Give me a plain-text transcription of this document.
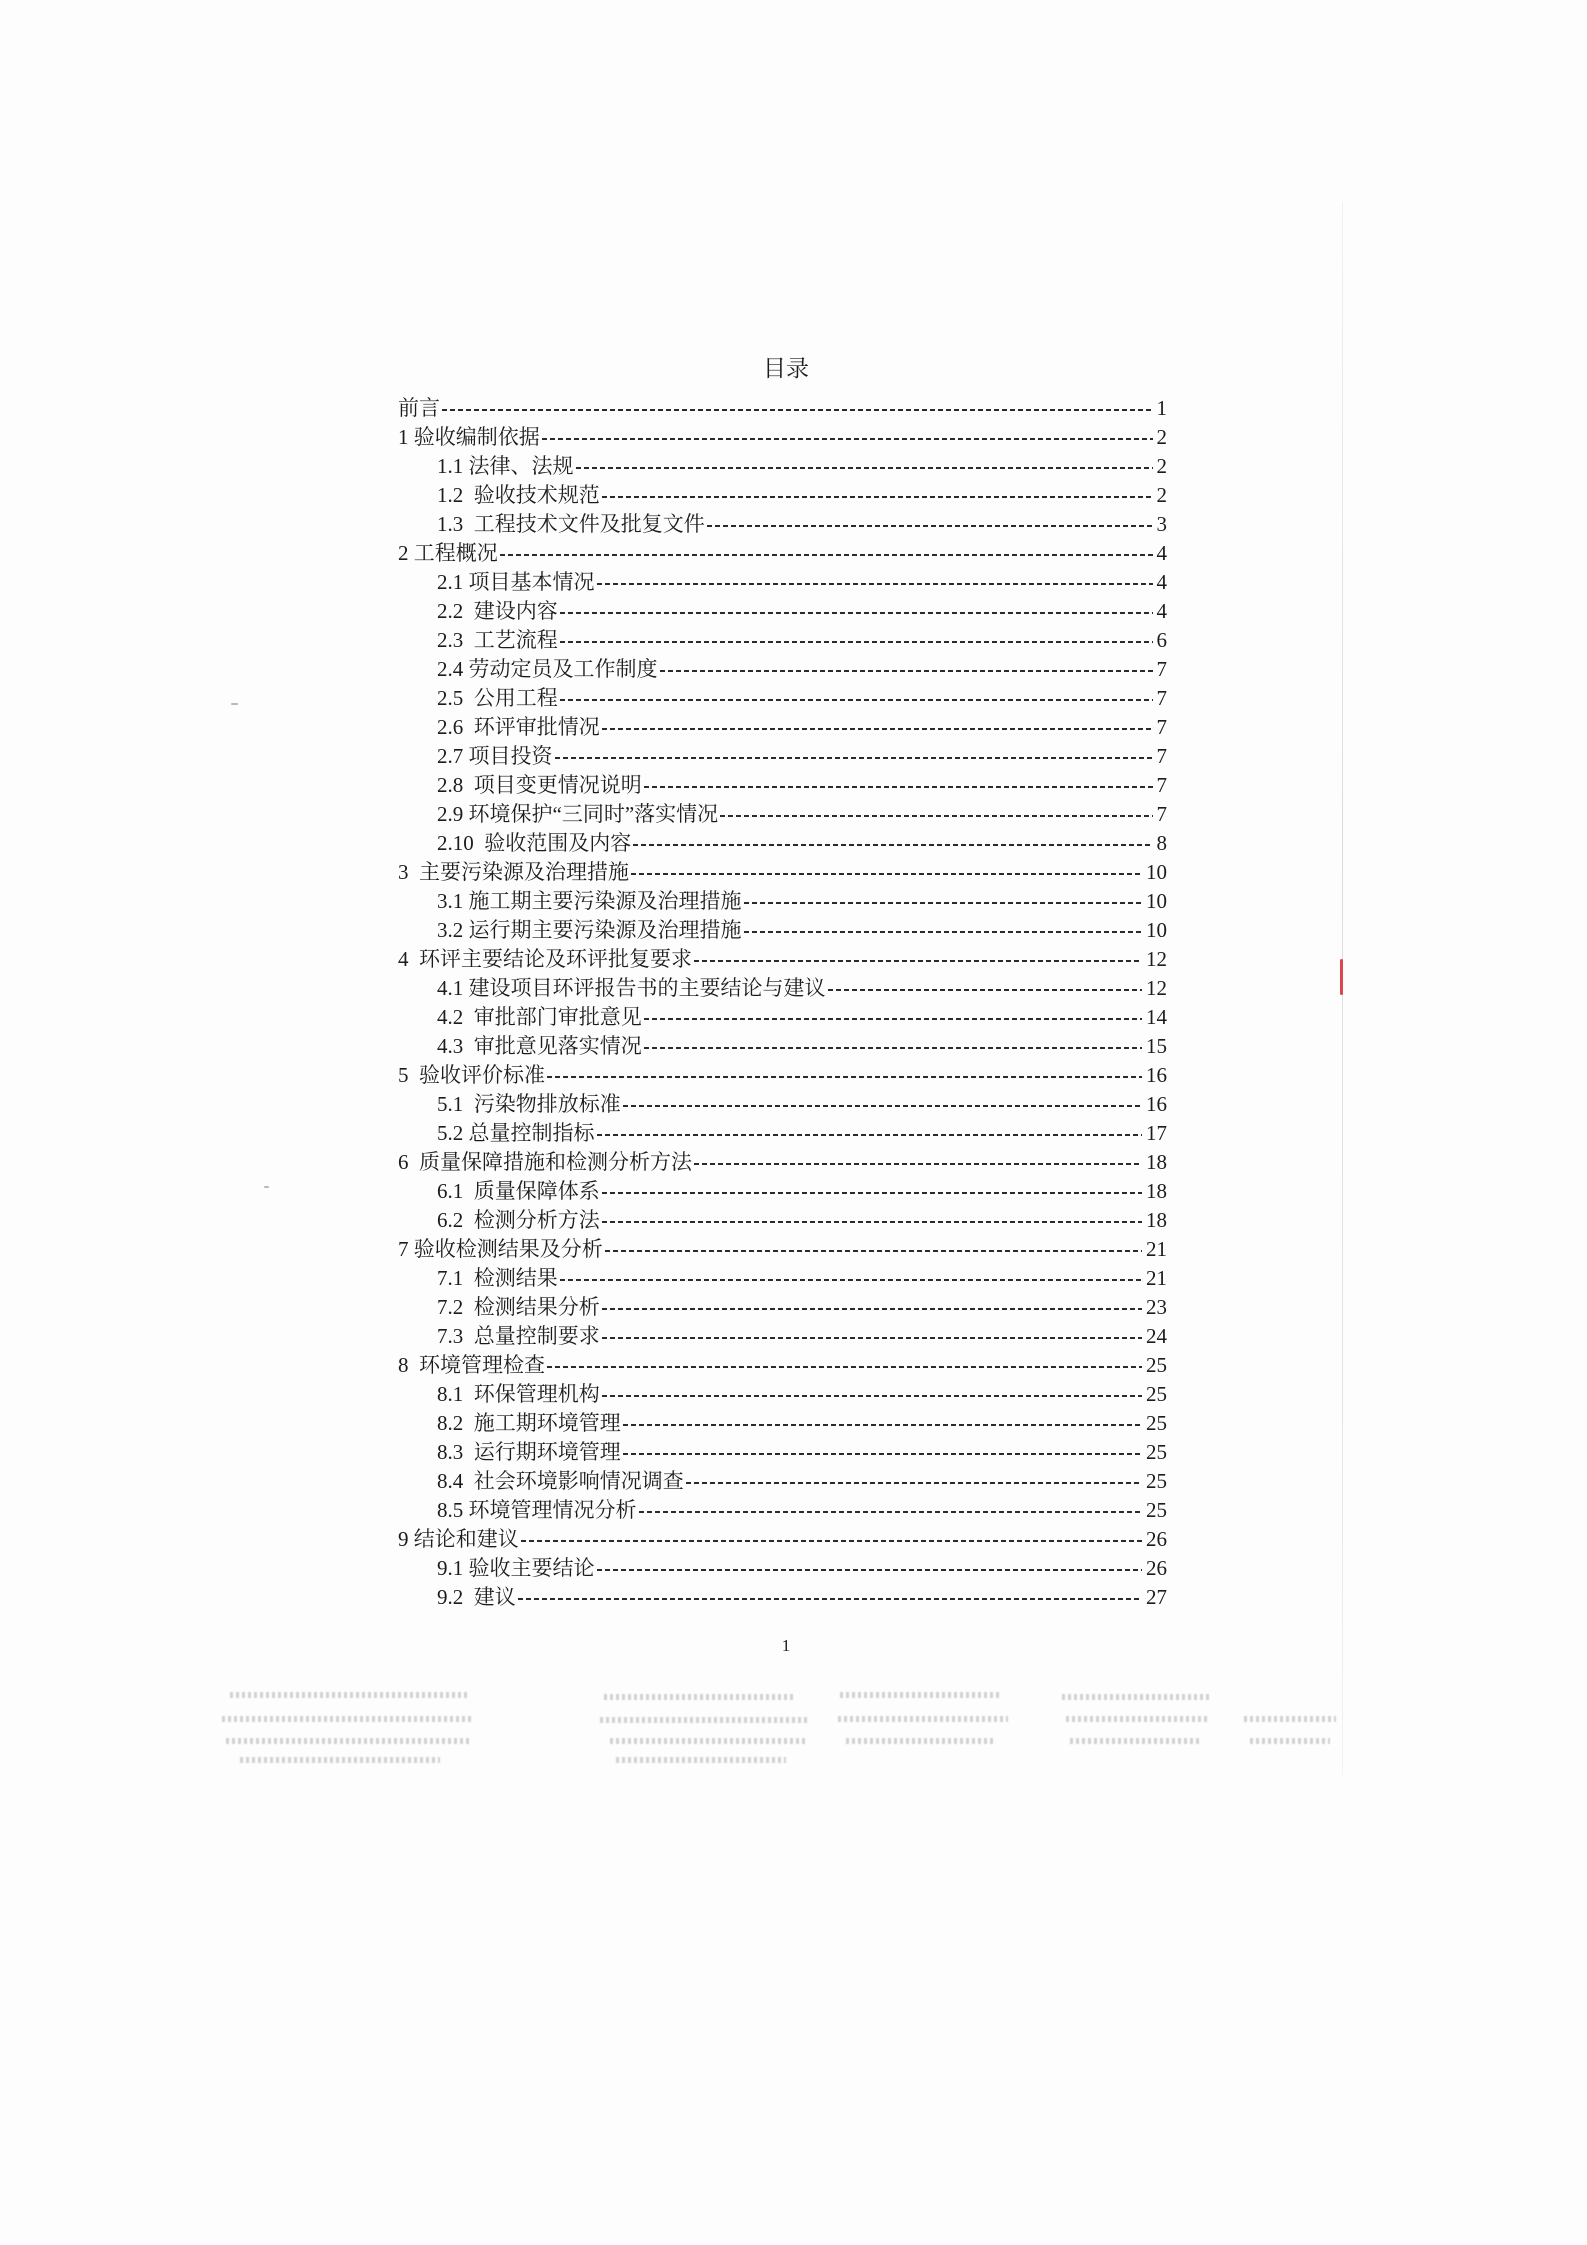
目录
前言	1
1 验收编制依据	2
1.1 法律、法规	2
1.2  验收技术规范	2
1.3  工程技术文件及批复文件	3
2 工程概况	4
2.1 项目基本情况	4
2.2  建设内容	4
2.3  工艺流程	6
2.4 劳动定员及工作制度	7
2.5  公用工程	7
2.6  环评审批情况	7
2.7 项目投资	7
2.8  项目变更情况说明	7
2.9 环境保护“三同时”落实情况	7
2.10  验收范围及内容	8
3  主要污染源及治理措施	10
3.1 施工期主要污染源及治理措施	10
3.2 运行期主要污染源及治理措施	10
4  环评主要结论及环评批复要求	12
4.1 建设项目环评报告书的主要结论与建议	12
4.2  审批部门审批意见	14
4.3  审批意见落实情况	15
5  验收评价标准	16
5.1  污染物排放标准	16
5.2 总量控制指标	17
6  质量保障措施和检测分析方法	18
6.1  质量保障体系	18
6.2  检测分析方法	18
7 验收检测结果及分析	21
7.1  检测结果	21
7.2  检测结果分析	23
7.3  总量控制要求	24
8  环境管理检查	25
8.1  环保管理机构	25
8.2  施工期环境管理	25
8.3  运行期环境管理	25
8.4  社会环境影响情况调查	25
8.5 环境管理情况分析	25
9 结论和建议	26
9.1 验收主要结论	26
9.2  建议	27
1
